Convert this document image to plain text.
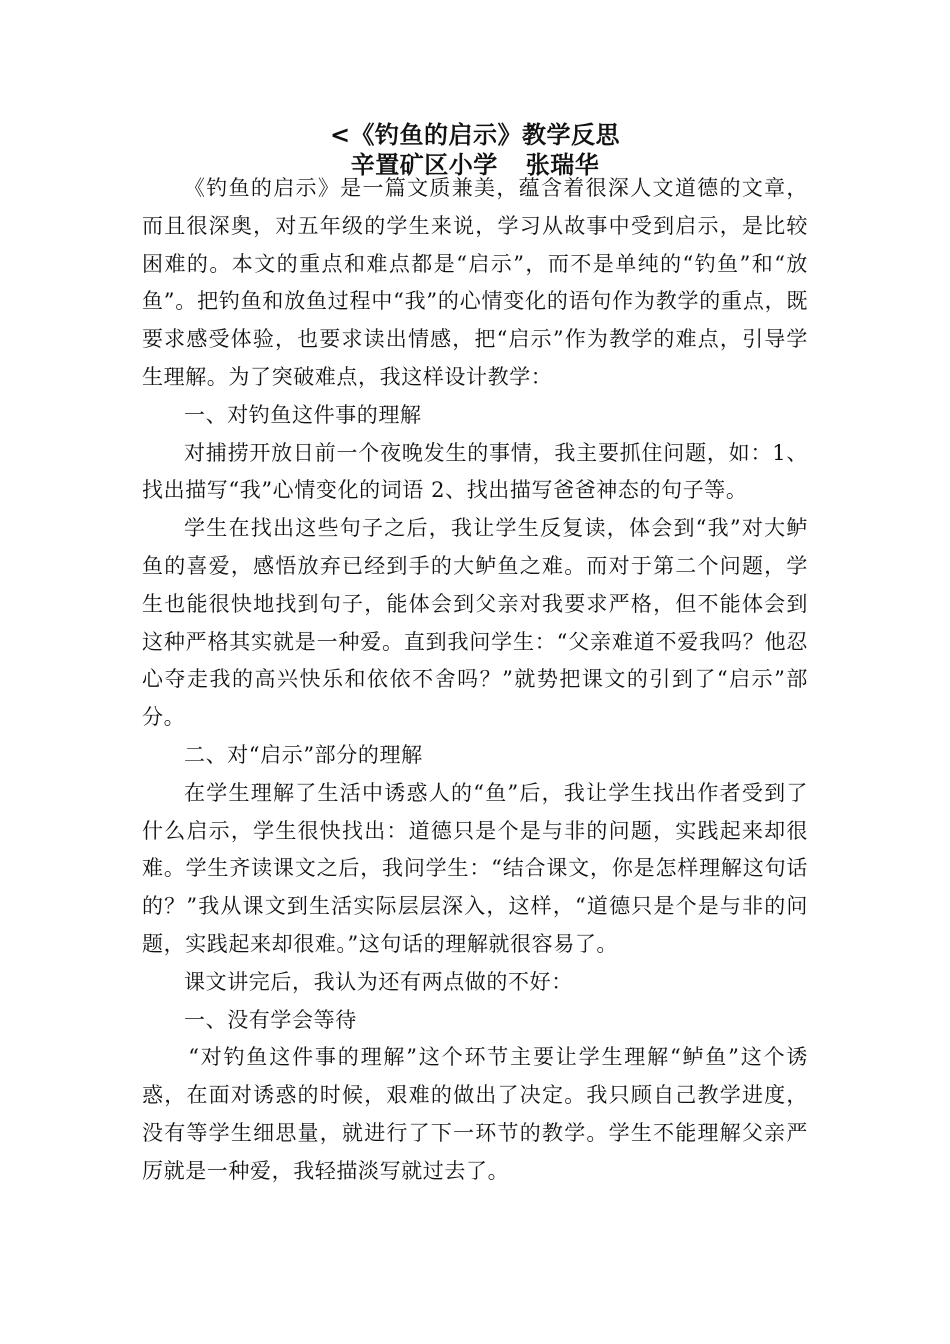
<《钓鱼的启示》教学反思
辛置矿区小学 张瑞华

《钓鱼的启示》是一篇文质兼美，蕴含着很深人文道德的文章，而且很深奥，对五年级的学生来说，学习从故事中受到启示，是比较困难的。本文的重点和难点都是“启示”，而不是单纯的“钓鱼”和“放鱼”。把钓鱼和放鱼过程中“我”的心情变化的语句作为教学的重点，既要求感受体验，也要求读出情感，把“启示”作为教学的难点，引导学生理解。为了突破难点，我这样设计教学：

一、对钓鱼这件事的理解

对捕捞开放日前一个夜晚发生的事情，我主要抓住问题，如：1、找出描写“我”心情变化的词语 2、找出描写爸爸神态的句子等。

学生在找出这些句子之后，我让学生反复读，体会到“我”对大鲈鱼的喜爱，感悟放弃已经到手的大鲈鱼之难。而对于第二个问题，学生也能很快地找到句子，能体会到父亲对我要求严格，但不能体会到这种严格其实就是一种爱。直到我问学生：“父亲难道不爱我吗？他忍心夺走我的高兴快乐和依依不舍吗？”就势把课文的引到了“启示”部分。

二、对“启示”部分的理解

在学生理解了生活中诱惑人的“鱼”后，我让学生找出作者受到了什么启示，学生很快找出：道德只是个是与非的问题，实践起来却很难。学生齐读课文之后，我问学生：“结合课文，你是怎样理解这句话的？”我从课文到生活实际层层深入，这样，“道德只是个是与非的问题，实践起来却很难。”这句话的理解就很容易了。

课文讲完后，我认为还有两点做的不好：

一、没有学会等待

“对钓鱼这件事的理解”这个环节主要让学生理解“鲈鱼”这个诱惑，在面对诱惑的时候，艰难的做出了决定。我只顾自己教学进度，没有等学生细思量，就进行了下一环节的教学。学生不能理解父亲严厉就是一种爱，我轻描淡写就过去了。
